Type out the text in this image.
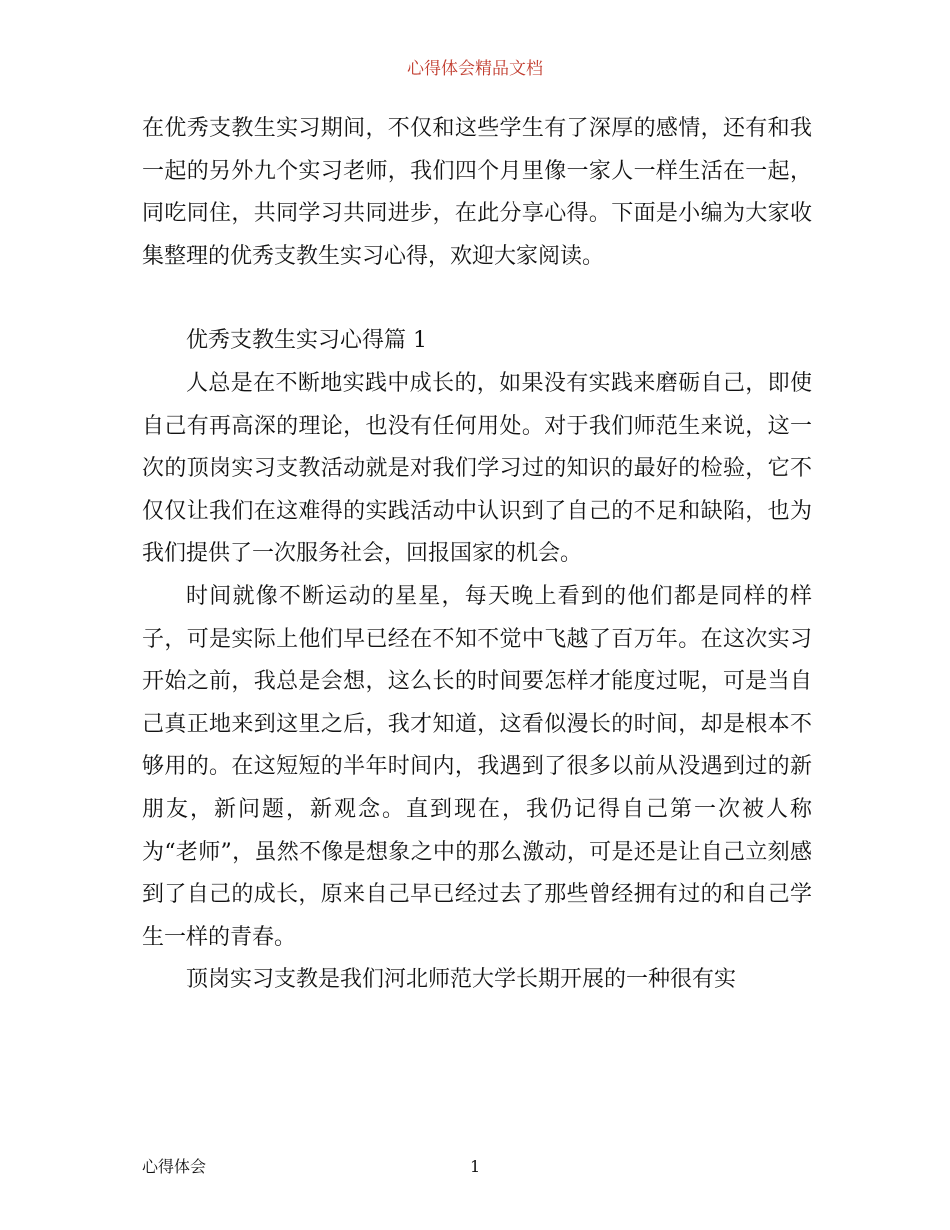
心得体会精品文档

在优秀支教生实习期间，不仅和这些学生有了深厚的感情，还有和我一起的另外九个实习老师，我们四个月里像一家人一样生活在一起，同吃同住，共同学习共同进步，在此分享心得。下面是小编为大家收集整理的优秀支教生实习心得，欢迎大家阅读。

优秀支教生实习心得篇 1

人总是在不断地实践中成长的，如果没有实践来磨砺自己，即使自己有再高深的理论，也没有任何用处。对于我们师范生来说，这一次的顶岗实习支教活动就是对我们学习过的知识的最好的检验，它不仅仅让我们在这难得的实践活动中认识到了自己的不足和缺陷，也为我们提供了一次服务社会，回报国家的机会。

时间就像不断运动的星星，每天晚上看到的他们都是同样的样子，可是实际上他们早已经在不知不觉中飞越了百万年。在这次实习开始之前，我总是会想，这么长的时间要怎样才能度过呢，可是当自己真正地来到这里之后，我才知道，这看似漫长的时间，却是根本不够用的。在这短短的半年时间内，我遇到了很多以前从没遇到过的新朋友，新问题，新观念。直到现在，我仍记得自己第一次被人称为“老师”，虽然不像是想象之中的那么激动，可是还是让自己立刻感到了自己的成长，原来自己早已经过去了那些曾经拥有过的和自己学生一样的青春。

顶岗实习支教是我们河北师范大学长期开展的一种很有实

心得体会	1
